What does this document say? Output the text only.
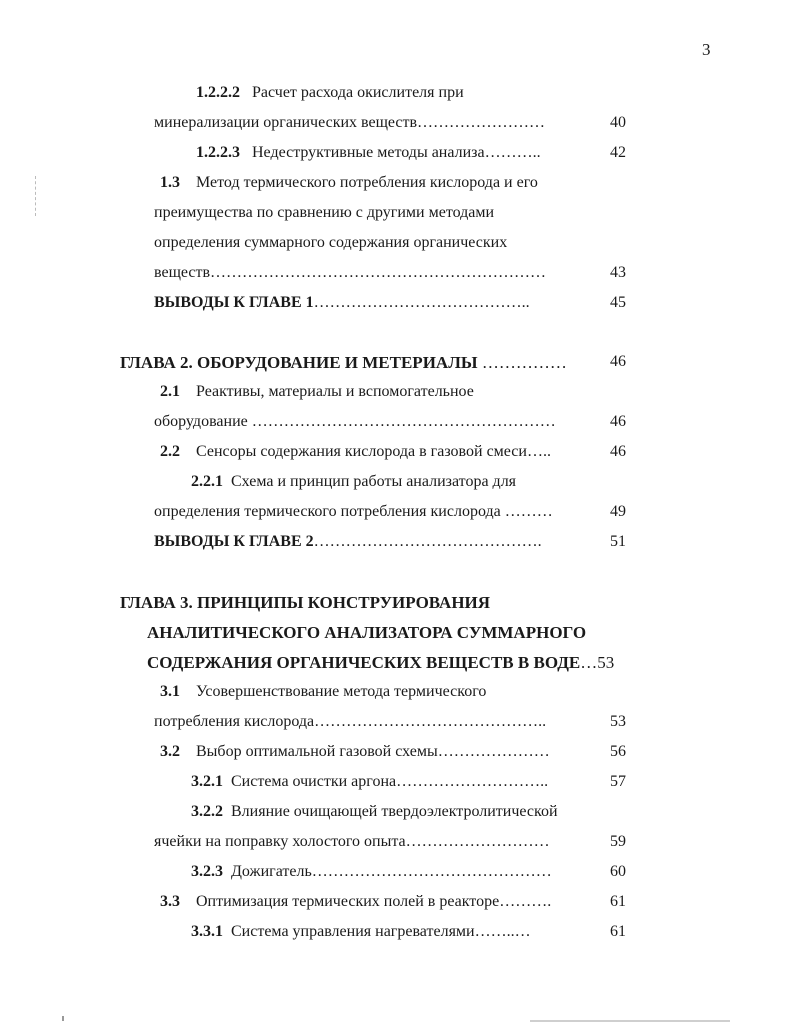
3
1.2.2.2 Расчет расхода окислителя при
минерализации органических веществ……………………	40
1.2.2.3 Недеструктивные методы анализа………..	42
1.3 Метод термического потребления кислорода и его
преимущества по сравнению с другими методами
определения суммарного содержания органических
веществ………………………………………………………	43
ВЫВОДЫ К ГЛАВЕ 1…………………………………..	45
ГЛАВА 2. ОБОРУДОВАНИЕ И МЕТЕРИАЛЫ ……………	46
2.1 Реактивы, материалы и вспомогательное
оборудование …………………………………………………	46
2.2 Сенсоры содержания кислорода в газовой смеси…..	46
2.2.1 Схема и принцип работы анализатора для
определения термического потребления кислорода ………	49
ВЫВОДЫ К ГЛАВЕ 2…………………………………….	51
ГЛАВА 3. ПРИНЦИПЫ КОНСТРУИРОВАНИЯ
АНАЛИТИЧЕСКОГО АНАЛИЗАТОРА СУММАРНОГО
СОДЕРЖАНИЯ ОРГАНИЧЕСКИХ ВЕЩЕСТВ В ВОДЕ…53
3.1 Усовершенствование метода термического
потребления кислорода……………………………………..	53
3.2 Выбор оптимальной газовой схемы…………………	56
3.2.1 Система очистки аргона………………………..	57
3.2.2 Влияние очищающей твердоэлектролитической
ячейки на поправку холостого опыта………………………	59
3.2.3 Дожигатель………………………………………	60
3.3 Оптимизация термических полей в реакторе……….	61
3.3.1 Система управления нагревателями……..…	61
